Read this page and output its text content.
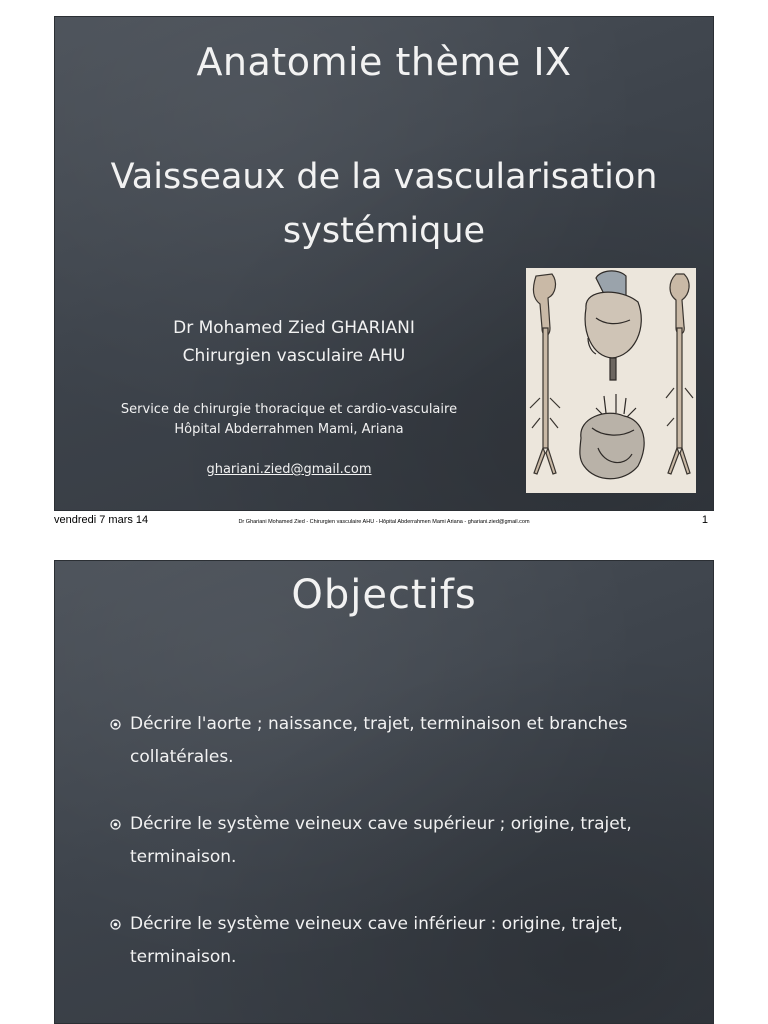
Anatomie thème IX
Vaisseaux de la vascularisation
systémique
Dr Mohamed Zied GHARIANI
Chirurgien vasculaire AHU
Service de chirurgie thoracique et cardio-vasculaire
Hôpital Abderrahmen Mami, Ariana
ghariani.zied@gmail.com
vendredi 7 mars 14	Dr Ghariani Mohamed Zied - Chirurgien vasculaire AHU - Hôpital Abderrahmen Mami Ariana - ghariani.zied@gmail.com	1
Objectifs
Décrire l'aorte ; naissance, trajet, terminaison et branches collatérales.
Décrire le système veineux cave supérieur ; origine, trajet, terminaison.
Décrire le système veineux cave inférieur : origine, trajet, terminaison.
